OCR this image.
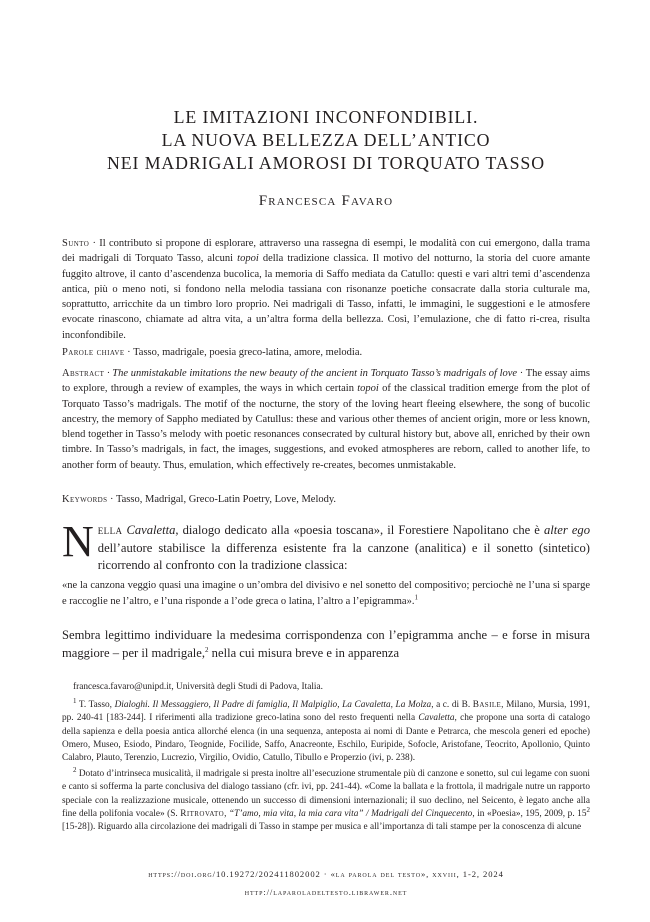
LE IMITAZIONI INCONFONDIBILI.
LA NUOVA BELLEZZA DELL’ANTICO
NEI MADRIGALI AMOROSI DI TORQUATO TASSO
Francesca Favaro

Sunto · Il contributo si propone di esplorare, attraverso una rassegna di esempi, le modalità con cui emergono, dalla trama dei madrigali di Torquato Tasso, alcuni topoi della tradizione classica. Il motivo del notturno, la storia del cuore amante fuggito altrove, il canto d’ascendenza bucolica, la memoria di Saffo mediata da Catullo: questi e vari altri temi d’ascendenza antica, più o meno noti, si fondono nella melodia tassiana con risonanze poetiche consacrate dalla storia culturale ma, soprattutto, arricchite da un timbro loro proprio. Nei madrigali di Tasso, infatti, le immagini, le suggestioni e le atmosfere evocate rinascono, chiamate ad altra vita, a un’altra forma della bellezza. Così, l’emulazione, che di fatto ri-crea, risulta inconfondibile.

Parole chiave · Tasso, madrigale, poesia greco-latina, amore, melodia.

Abstract · The unmistakable imitations the new beauty of the ancient in Torquato Tasso’s madrigals of love · The essay aims to explore, through a review of examples, the ways in which certain topoi of the classical tradition emerge from the plot of Torquato Tasso’s madrigals. The motif of the nocturne, the story of the loving heart fleeing elsewhere, the song of bucolic ancestry, the memory of Sappho mediated by Catullus: these and various other themes of ancient origin, more or less known, blend together in Tasso’s melody with poetic resonances consecrated by cultural history but, above all, enriched by their own timbre. In Tasso’s madrigals, in fact, the images, suggestions, and evoked atmospheres are reborn, called to another life, to another form of beauty. Thus, emulation, which effectively re-creates, becomes unmistakable.

Keywords · Tasso, Madrigal, Greco-Latin Poetry, Love, Melody.

Nella Cavaletta, dialogo dedicato alla «poesia toscana», il Forestiere Napolitano che è alter ego dell’autore stabilisce la differenza esistente fra la canzone (analitica) e il sonetto (sintetico) ricorrendo al confronto con la tradizione classica:

«ne la canzona veggio quasi una imagine o un’ombra del divisivo e nel sonetto del compositivo; perciochè ne l’una si sparge e raccoglie ne l’altro, e l’una risponde a l’ode greca o latina, l’altro a l’epigramma».$^1$

Sembra legittimo individuare la medesima corrispondenza con l’epigramma anche – e forse in misura maggiore – per il madrigale,$^2$ nella cui misura breve e in apparenza

francesca.favaro@unipd.it, Università degli Studi di Padova, Italia.

$^1$ T. Tasso, Dialoghi. Il Messaggiero, Il Padre di famiglia, Il Malpiglio, La Cavaletta, La Molza, a c. di B. Basile, Milano, Mursia, 1991, pp. 240-41 [183-244]. I riferimenti alla tradizione greco-latina sono del resto frequenti nella Cavaletta, che propone una sorta di catalogo della sapienza e della poesia antica allorché elenca (in una sequenza, anteposta ai nomi di Dante e Petrarca, che mescola generi ed epoche) Omero, Museo, Esiodo, Pindaro, Teognide, Focilide, Saffo, Anacreonte, Eschilo, Euripide, Sofocle, Aristofane, Teocrito, Apollonio, Quinto Calabro, Plauto, Terenzio, Lucrezio, Virgilio, Ovidio, Catullo, Tibullo e Properzio (ivi, p. 238).

$^2$ Dotato d’intrinseca musicalità, il madrigale si presta inoltre all’esecuzione strumentale più di canzone e sonetto, sul cui legame con suoni e canto si sofferma la parte conclusiva del dialogo tassiano (cfr. ivi, pp. 241-44). «Come la ballata e la frottola, il madrigale nutre un rapporto speciale con la realizzazione musicale, ottenendo un successo di dimensioni internazionali; il suo declino, nel Seicento, è legato anche alla fine della polifonia vocale» (S. Ritrovato, “T’amo, mia vita, la mia cara vita” / Madrigali del Cinquecento, in «Poesia», 195, 2009, p. $15^2$ [15-28]). Riguardo alla circolazione dei madrigali di Tasso in stampe per musica e all’importanza di tali stampe per la conoscenza di alcune

https://doi.org/10.19272/202411802002 · «la parola del testo», xxviii, 1-2, 2024
http://laparoladeltesto.librawer.net
